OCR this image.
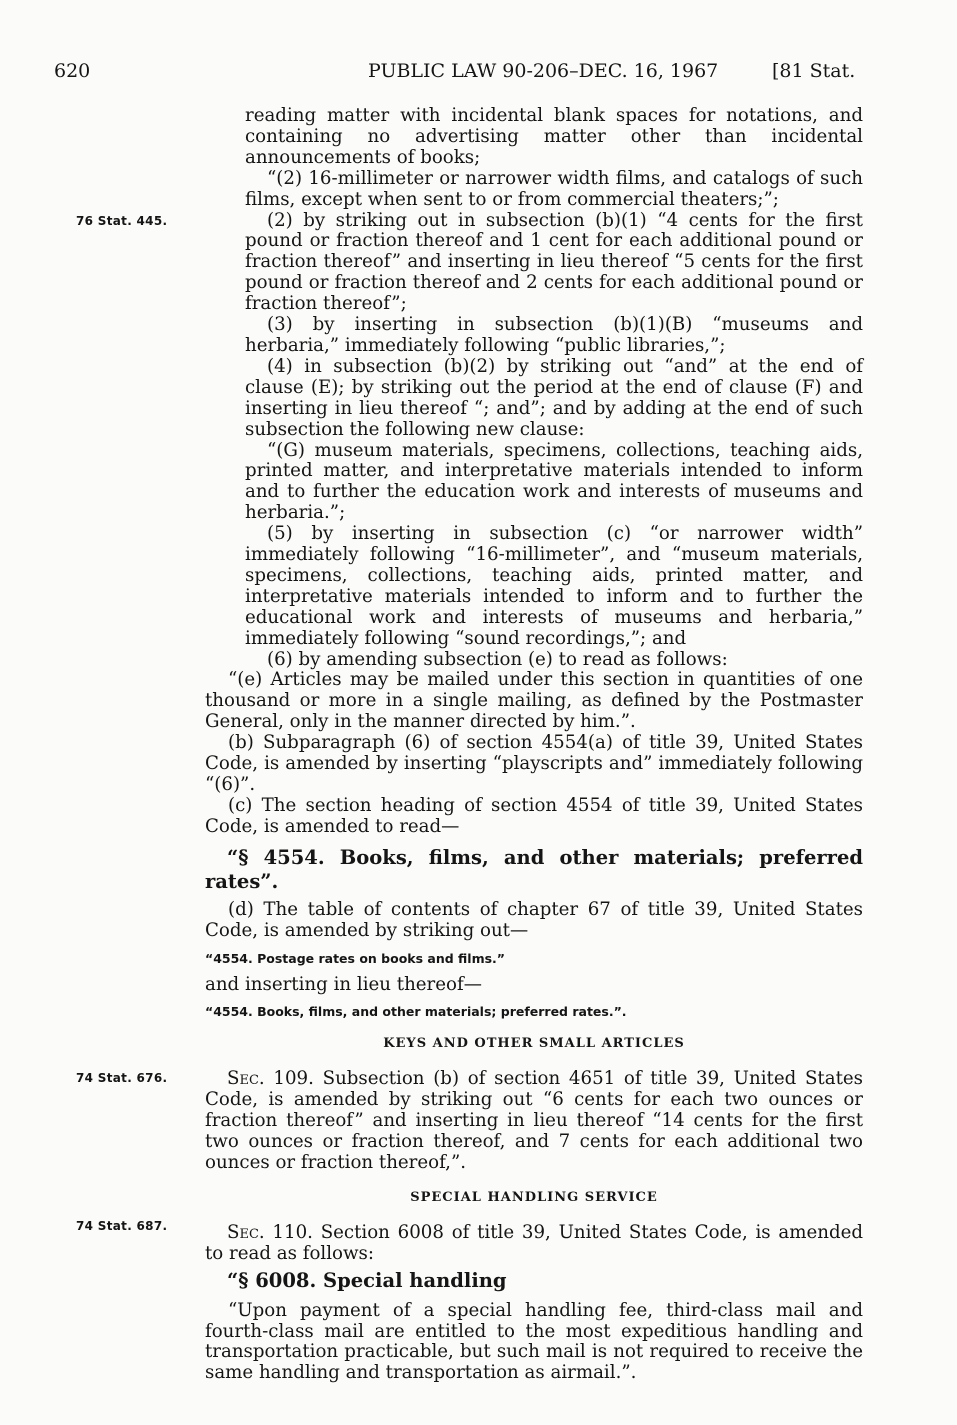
620	PUBLIC LAW 90-206–DEC. 16, 1967	[81 Stat.
76 Stat. 445.
74 Stat. 676.
74 Stat. 687.

reading matter with incidental blank spaces for notations, and containing no advertising matter other than incidental announcements of books;

“(2) 16-millimeter or narrower width films, and catalogs of such films, except when sent to or from commercial theaters;”;

(2) by striking out in subsection (b)(1) “4 cents for the first pound or fraction thereof and 1 cent for each additional pound or fraction thereof” and inserting in lieu thereof “5 cents for the first pound or fraction thereof and 2 cents for each additional pound or fraction thereof”;

(3) by inserting in subsection (b)(1)(B) “museums and herbaria,” immediately following “public libraries,”;

(4) in subsection (b)(2) by striking out “and” at the end of clause (E); by striking out the period at the end of clause (F) and inserting in lieu thereof “; and”; and by adding at the end of such subsection the following new clause:

“(G) museum materials, specimens, collections, teaching aids, printed matter, and interpretative materials intended to inform and to further the education work and interests of museums and herbaria.”;

(5) by inserting in subsection (c) “or narrower width” immediately following “16-millimeter”, and “museum materials, specimens, collections, teaching aids, printed matter, and interpretative materials intended to inform and to further the educational work and interests of museums and herbaria,” immediately following “sound recordings,”; and

(6) by amending subsection (e) to read as follows:

“(e) Articles may be mailed under this section in quantities of one thousand or more in a single mailing, as defined by the Postmaster General, only in the manner directed by him.”.

(b) Subparagraph (6) of section 4554(a) of title 39, United States Code, is amended by inserting “playscripts and” immediately following “(6)”.

(c) The section heading of section 4554 of title 39, United States Code, is amended to read—

“§ 4554. Books, films, and other materials; preferred rates”.

(d) The table of contents of chapter 67 of title 39, United States Code, is amended by striking out—

“4554. Postage rates on books and films.”

and inserting in lieu thereof—

“4554. Books, films, and other materials; preferred rates.”.

KEYS AND OTHER SMALL ARTICLES

Sec. 109. Subsection (b) of section 4651 of title 39, United States Code, is amended by striking out “6 cents for each two ounces or fraction thereof” and inserting in lieu thereof “14 cents for the first two ounces or fraction thereof, and 7 cents for each additional two ounces or fraction thereof,”.

SPECIAL HANDLING SERVICE

Sec. 110. Section 6008 of title 39, United States Code, is amended to read as follows:

“§ 6008. Special handling

“Upon payment of a special handling fee, third-class mail and fourth-class mail are entitled to the most expeditious handling and transportation practicable, but such mail is not required to receive the same handling and transportation as airmail.”.
